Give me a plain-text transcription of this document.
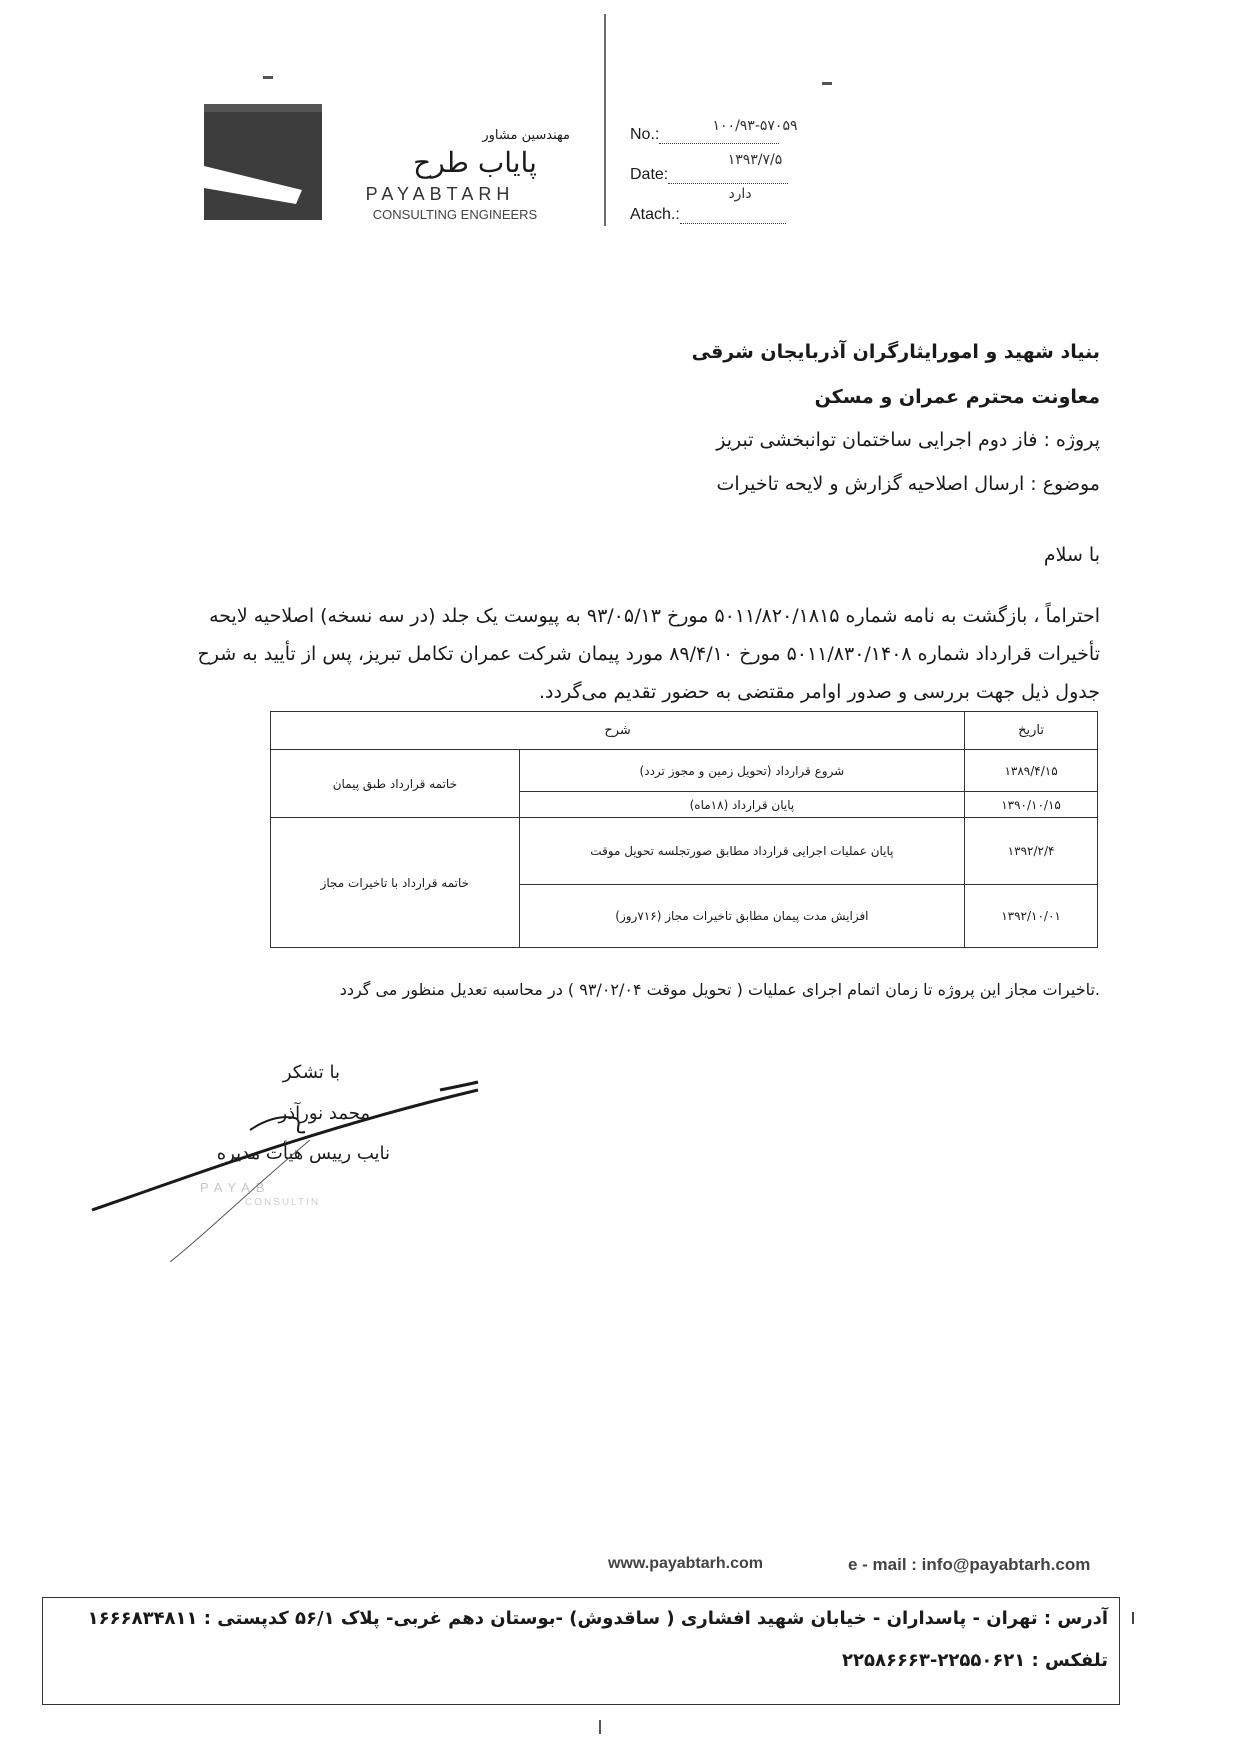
مهندسین مشاور
پایاب طرح
PAYABTARH
CONSULTING ENGINEERS
No.:	۱۰۰/۹۳-۵۷۰۵۹
۱۳۹۳/۷/۵
Date:
دارد
Atach.:
بنیاد شهید و امورایثارگران آذربایجان شرقی
معاونت محترم عمران و مسکن
پروژه : فاز دوم اجرایی ساختمان توانبخشی تبریز
موضوع : ارسال اصلاحیه گزارش و لایحه تاخیرات
با سلام
احتراماً ، بازگشت به نامه شماره ۵۰۱۱/۸۲۰/۱۸۱۵ مورخ ۹۳/۰۵/۱۳ به پیوست یک جلد (در سه نسخه) اصلاحیه لایحه
تأخیرات قرارداد شماره ۵۰۱۱/۸۳۰/۱۴۰۸ مورخ ۸۹/۴/۱۰ مورد پیمان شرکت عمران تکامل تبریز، پس از تأیید به شرح
جدول ذیل جهت بررسی و صدور اوامر مقتضی به حضور تقدیم می‌گردد.
تاریخ	شرح	
۱۳۸۹/۴/۱۵	شروع قرارداد (تحویل زمین و مجوز تردد)	خاتمه قرارداد طبق پیمان
۱۳۹۰/۱۰/۱۵	پایان قرارداد (۱۸ماه)	
۱۳۹۲/۲/۴	پایان عملیات اجرایی قرارداد مطابق صورتجلسه تحویل موقت	خاتمه قرارداد با تاخیرات مجاز
۱۳۹۲/۱۰/۰۱	افزایش مدت پیمان مطابق تاخیرات مجاز (۷۱۶روز)	
.تاخیرات مجاز این پروژه تا زمان اتمام اجرای عملیات ( تحویل موقت ۹۳/۰۲/۰۴ ) در محاسبه تعدیل منظور می گردد
PAYAB
CONSULTIN
با تشکر
محمد نورآذر
نایب رییس هیأت مدیره
www.payabtarh.com	e - mail : info@payabtarh.com
آدرس : تهران - پاسداران - خیابان شهید افشاری ( ساقدوش) -بوستان دهم غربی- پلاک ۵۶/۱ کدپستی : ۱۶۶۶۸۳۴۸۱۱
تلفکس : ۲۲۵۵۰۶۲۱-۲۲۵۸۶۶۶۳
